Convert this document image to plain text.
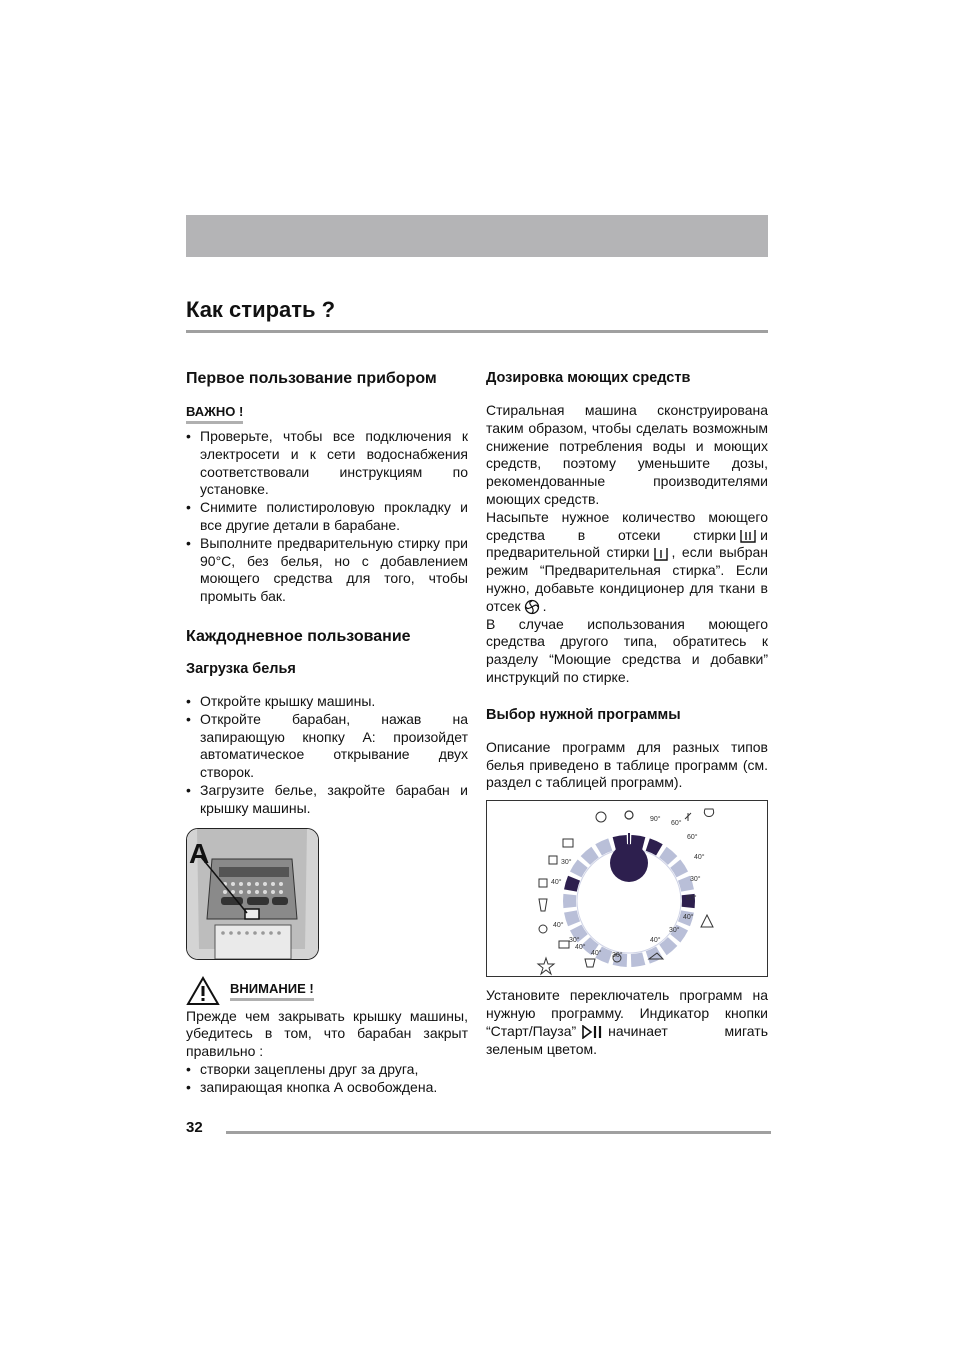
Как стирать ?
Первое пользование прибором
ВАЖНО !
• Проверьте, чтобы все подключения к электросети и к сети водоснабжения соответствовали инструкциям по установке.
• Снимите полистироловую прокладку и все другие детали в барабане.
• Выполните предварительную стирку при 90°C, без белья, но с добавлением моющего средства для того, чтобы промыть бак.
Каждодневное пользование
Загрузка белья
• Откройте крышку машины.
• Откройте барабан, нажав на запирающую кнопку A: произойдет автоматическое открывание двух створок.
• Загрузите белье, закройте барабан и крышку машины.
A
ВНИМАНИЕ !

Прежде чем закрывать крышку машины, убедитесь в том, что барабан закрыт правильно :

• створки зацеплены друг за друга,
• запирающая кнопка А освобождена.
Дозировка моющих средств

Стиральная машина сконструирована таким образом, чтобы сделать возможным снижение потребления воды и моющих средств, поэтому уменьшите дозы, рекомендованные производителями моющих средств.

Насыпьте нужное количество моющего средства в отсеки стирки и предварительной стирки , если выбран режим “Предварительная стирка”. Если нужно, добавьте кондиционер для ткани в отсек .

В случае использования моющего средства другого типа, обратитесь к разделу “Моющие средства и добавки” инструкций по стирке.

Выбор нужной программы

Описание программ для разных типов белья приведено в таблице программ (см. раздел с таблицей программ).

90°
60°
60°
40°
30°
60°
40°
30°
40°
30°
40°
40°
40°
30°
40° 30°

Установите переключатель программ на нужную программу. Индикатор кнопки “Старт/Пауза” начинает мигать зеленым цветом.

32
